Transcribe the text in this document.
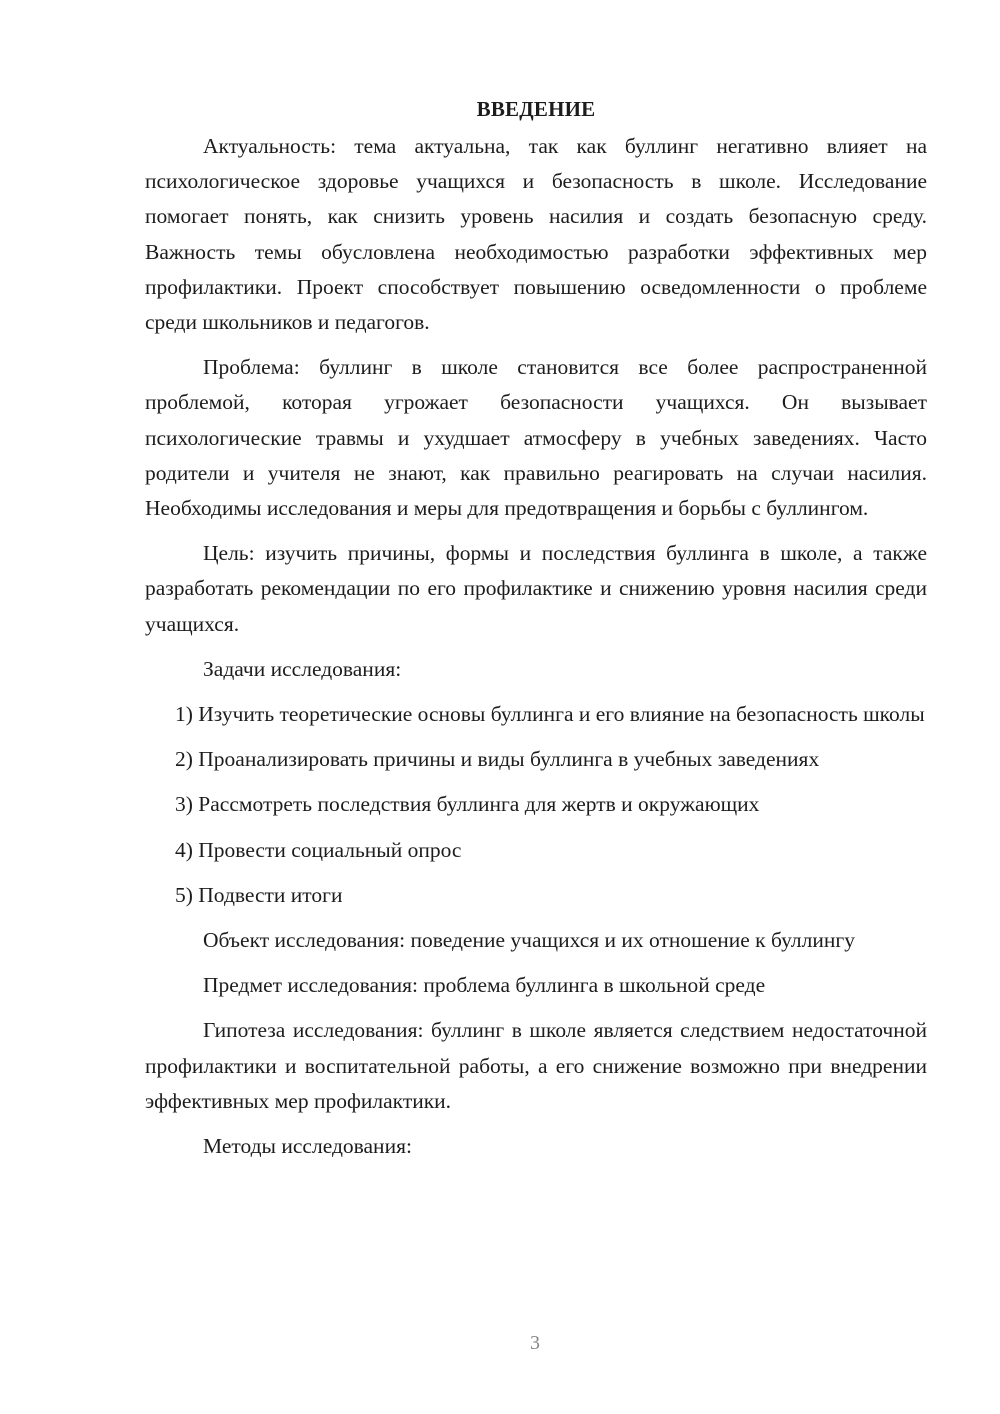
ВВЕДЕНИЕ

Актуальность: тема актуальна, так как буллинг негативно влияет на психологическое здоровье учащихся и безопасность в школе. Исследование помогает понять, как снизить уровень насилия и создать безопасную среду. Важность темы обусловлена необходимостью разработки эффективных мер профилактики. Проект способствует повышению осведомленности о проблеме среди школьников и педагогов.

Проблема: буллинг в школе становится все более распространенной проблемой, которая угрожает безопасности учащихся. Он вызывает психологические травмы и ухудшает атмосферу в учебных заведениях. Часто родители и учителя не знают, как правильно реагировать на случаи насилия. Необходимы исследования и меры для предотвращения и борьбы с буллингом.

Цель: изучить причины, формы и последствия буллинга в школе, а также разработать рекомендации по его профилактике и снижению уровня насилия среди учащихся.

Задачи исследования:

1) Изучить теоретические основы буллинга и его влияние на безопасность школы

2) Проанализировать причины и виды буллинга в учебных заведениях

3) Рассмотреть последствия буллинга для жертв и окружающих

4) Провести социальный опрос

5) Подвести итоги

Объект исследования: поведение учащихся и их отношение к буллингу

Предмет исследования: проблема буллинга в школьной среде

Гипотеза исследования: буллинг в школе является следствием недостаточной профилактики и воспитательной работы, а его снижение возможно при внедрении эффективных мер профилактики.

Методы исследования:

3
